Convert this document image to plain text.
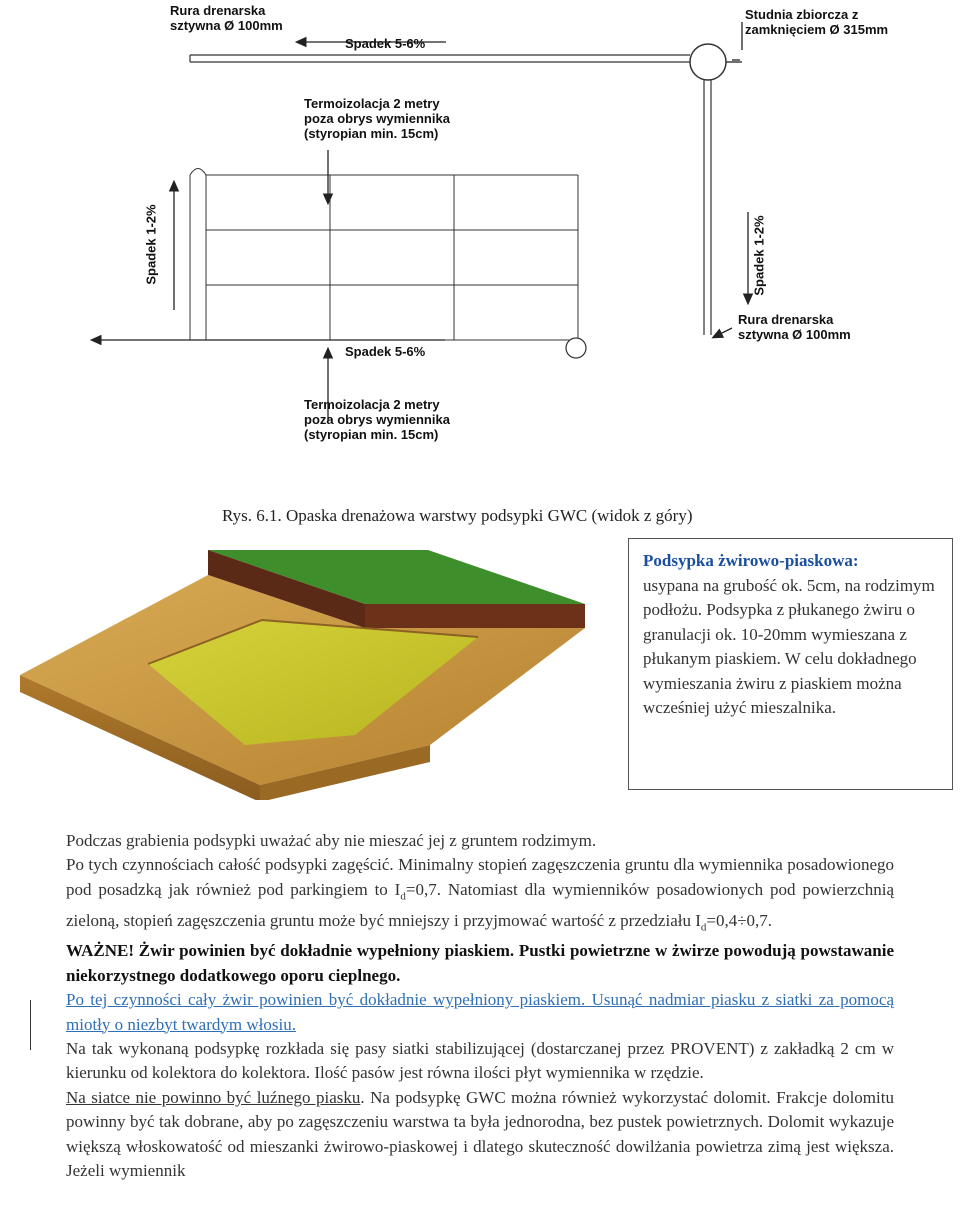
Rura drenarska
sztywna Ø 100mm
Spadek 5-6%
Studnia zbiorcza z
zamknięciem Ø 315mm
Termoizolacja 2 metry
poza obrys wymiennika
(styropian min. 15cm)
Spadek 1-2%	Spadek 1-2%
Rura drenarska
sztywna Ø 100mm
Spadek 5-6%
Termoizolacja 2 metry
poza obrys wymiennika
(styropian min. 15cm)
Rys. 6.1. Opaska drenażowa warstwy podsypki GWC (widok z góry)
Podsypka żwirowo-piaskowa:
usypana na grubość ok. 5cm, na rodzimym podłożu. Podsypka z płukanego żwiru o granulacji ok. 10-20mm wymieszana z płukanym piaskiem. W celu dokładnego wymieszania żwiru z piaskiem można wcześniej użyć mieszalnika.

Podczas grabienia podsypki uważać aby nie mieszać jej z gruntem rodzimym.

Po tych czynnościach całość podsypki zagęścić. Minimalny stopień zagęszczenia gruntu dla wymiennika posadowionego pod posadzką jak również pod parkingiem to $I_d=0,7$. Natomiast dla wymienników posadowionych pod powierzchnią zieloną, stopień zagęszczenia gruntu może być mniejszy i przyjmować wartość z przedziału $I_d=0,4\div 0,7$.

WAŻNE! Żwir powinien być dokładnie wypełniony piaskiem. Pustki powietrzne w żwirze powodują powstawanie niekorzystnego dodatkowego oporu cieplnego.

Po tej czynności cały żwir powinien być dokładnie wypełniony piaskiem. Usunąć nadmiar piasku z siatki za pomocą miotły o niezbyt twardym włosiu.

Na tak wykonaną podsypkę rozkłada się pasy siatki stabilizującej (dostarczanej przez PROVENT) z zakładką 2 cm w kierunku od kolektora do kolektora. Ilość pasów jest równa ilości płyt wymiennika w rzędzie.

Na siatce nie powinno być luźnego piasku. Na podsypkę GWC można również wykorzystać dolomit. Frakcje dolomitu powinny być tak dobrane, aby po zagęszczeniu warstwa ta była jednorodna, bez pustek powietrznych. Dolomit wykazuje większą włoskowatość od mieszanki żwirowo-piaskowej i dlatego skuteczność dowilżania powietrza zimą jest większa. Jeżeli wymiennik
